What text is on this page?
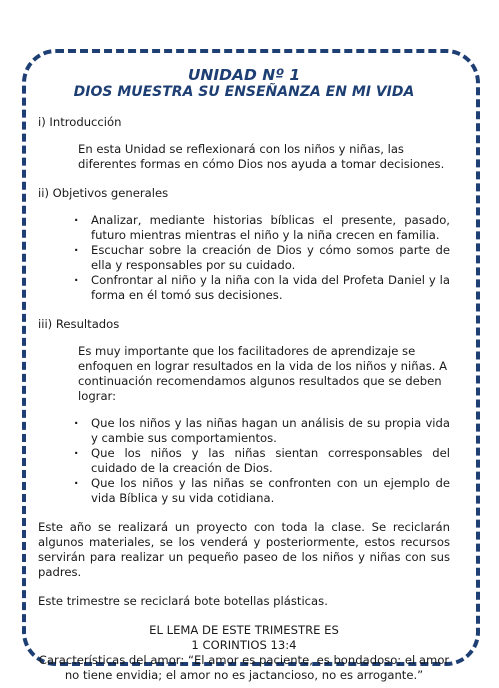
UNIDAD Nº 1
DIOS MUESTRA SU ENSEÑANZA EN MI VIDA
i) Introducción
En esta Unidad se reflexionará con los niños y niñas, las diferentes formas en cómo Dios nos ayuda a tomar decisiones.
ii) Objetivos generales
· Analizar, mediante historias bíblicas el presente, pasado, futuro mientras mientras el niño y la niña crecen en familia.
· Escuchar sobre la creación de Dios y cómo somos parte de ella y responsables por su cuidado.
· Confrontar al niño y la niña con la vida del Profeta Daniel y la forma en él tomó sus decisiones.
iii) Resultados
Es muy importante que los facilitadores de aprendizaje se enfoquen en lograr resultados en la vida de los niños y niñas. A continuación recomendamos algunos resultados que se deben lograr:
· Que los niños y las niñas hagan un análisis de su propia vida y cambie sus comportamientos.
· Que los niños y las niñas sientan corresponsables del cuidado de la creación de Dios.
· Que los niños y las niñas se confronten con un ejemplo de vida Bíblica y su vida cotidiana.
Este año se realizará un proyecto con toda la clase. Se reciclarán algunos materiales, se los venderá y posteriormente, estos recursos servirán para realizar un pequeño paseo de los niños y niñas con sus padres.
Este trimestre se reciclará bote botellas plásticas.
EL LEMA DE ESTE TRIMESTRE ES
1 CORINTIOS 13:4
Características del amor: “El amor es paciente, es bondadoso; el amor no tiene envidia; el amor no es jactancioso, no es arrogante.”
